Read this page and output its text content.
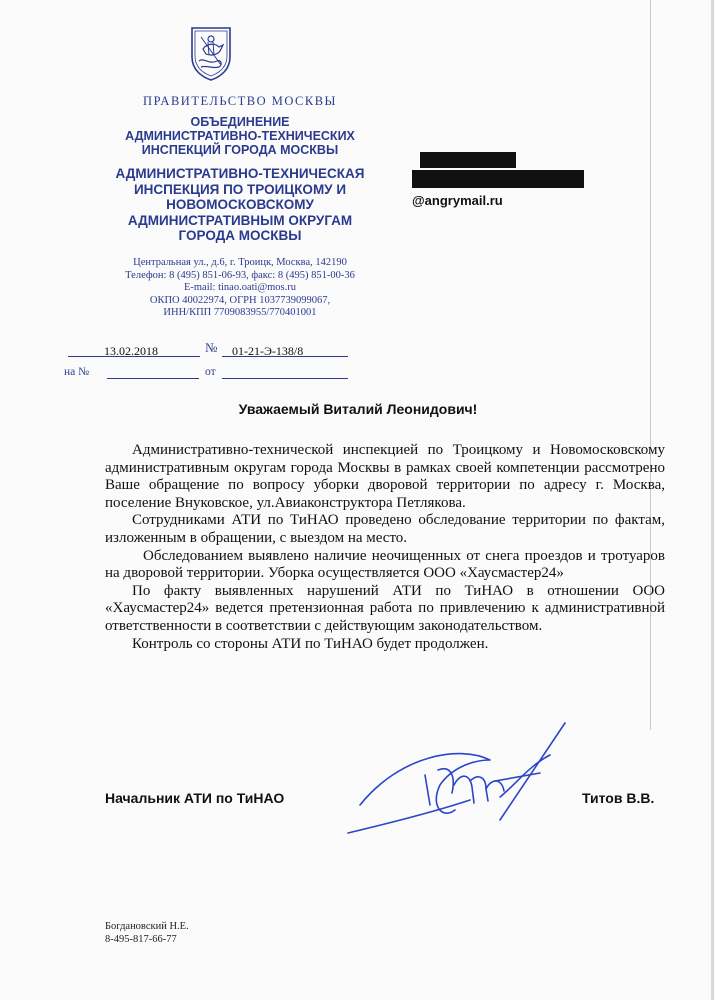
ПРАВИТЕЛЬСТВО МОСКВЫ
ОБЪЕДИНЕНИЕ
АДМИНИСТРАТИВНО-ТЕХНИЧЕСКИХ
ИНСПЕКЦИЙ ГОРОДА МОСКВЫ
АДМИНИСТРАТИВНО-ТЕХНИЧЕСКАЯ
ИНСПЕКЦИЯ ПО ТРОИЦКОМУ И
НОВОМОСКОВСКОМУ
АДМИНИСТРАТИВНЫМ ОКРУГАМ
ГОРОДА МОСКВЫ
Центральная ул., д.6, г. Троицк, Москва, 142190
Телефон: 8 (495) 851-06-93, факс: 8 (495) 851-00-36
E-mail: tinao.oati@mos.ru
ОКПО 40022974, ОГРН 1037739099067,
ИНН/КПП 7709083955/770401001
@angrymail.ru
13.02.2018	№ 01-21-Э-138/8
на №	от
Уважаемый Виталий Леонидович!

Административно-технической инспекцией по Троицкому и Новомосковскому административным округам города Москвы в рамках своей компетенции рассмотрено Ваше обращение по вопросу уборки дворовой территории по адресу г. Москва, поселение Внуковское, ул.Авиаконструктора Петлякова.

Сотрудниками АТИ по ТиНАО проведено обследование территории по фактам, изложенным в обращении, с выездом на место.

Обследованием выявлено наличие неочищенных от снега проездов и тротуаров на дворовой территории. Уборка осуществляется ООО «Хаусмастер24»

По факту выявленных нарушений АТИ по ТиНАО в отношении ООО «Хаусмастер24» ведется претензионная работа по привлечению к административной ответственности в соответствии с действующим законодательством.

Контроль со стороны АТИ по ТиНАО будет продолжен.

Начальник АТИ по ТиНАО	Титов В.В.
Богдановский Н.Е.
8-495-817-66-77
